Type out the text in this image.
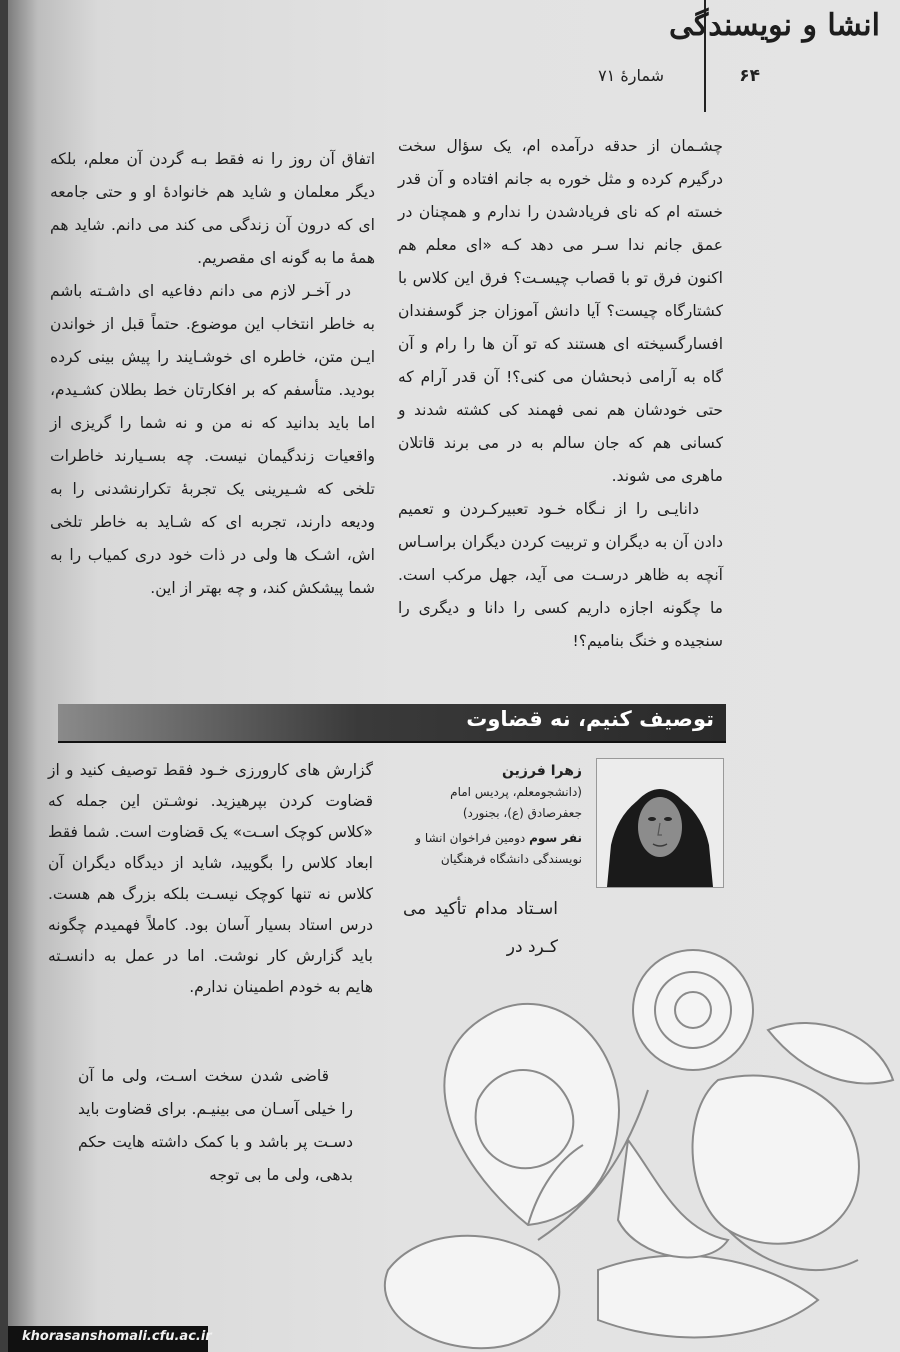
۶۴
انشا و نویسندگی
شمارهٔ ۷۱

چشـمان از حدقه درآمده ام، یک سؤال سخت درگیرم کرده و مثل خوره به جانم افتاده و آن قدر خسته ام که نای فریادشدن را ندارم و همچنان در عمق جانم ندا سـر می دهد کـه «ای معلم هم اکنون فرق تو با قصاب چیسـت؟ فرق این کلاس با کشتارگاه چیست؟ آیا دانش آموزان جز گوسفندان افسارگسیخته ای هستند که تو آن ها را رام و آن گاه به آرامی ذبحشان می کنی؟! آن قدر آرام که حتی خودشان هم نمی فهمند کی کشته شدند و کسانی هم که جان سالم به در می برند قاتلان ماهری می شوند.

دانایـی را از نـگاه خـود تعبیرکـردن و تعمیم دادن آن به دیگران و تربیت کردن دیگران براسـاس آنچه به ظاهر درسـت می آید، جهل مرکب است. ما چگونه اجازه داریم کسی را دانا و دیگری را سنجیده و خنگ بنامیم؟!

اتفاق آن روز را نه فقط بـه گردن آن معلم، بلکه دیگر معلمان و شاید هم خانوادهٔ او و حتی جامعه ای که درون آن زندگی می کند می دانم. شاید هم همهٔ ما به گونه ای مقصریم.

در آخـر لازم می دانم دفاعیه ای داشـته باشم به خاطر انتخاب این موضوع. حتماً قبل از خواندن ایـن متن، خاطره ای خوشـایند را پیش بینی کرده بودید. متأسفم که بر افکارتان خط بطلان کشـیدم، اما باید بدانید که نه من و نه شما را گریزی از واقعیات زندگیمان نیست. چه بسـیارند خاطرات تلخی که شـیرینی یک تجربهٔ تکرارنشدنی را به ودیعه دارند، تجربه ای که شـاید به خاطر تلخی اش، اشـک ها ولی در ذات خود دری کمیاب را به شما پیشکش کند، و چه بهتر از این.

توصیف کنیم، نه قضاوت
زهرا فرزین
(دانشجومعلم، پردیس امام جعفرصادق (ع)، بجنورد)
نفر سوم دومین فراخوان انشا و نویسندگی دانشگاه فرهنگیان

اسـتاد مدام تأکید می کـرد در

گزارش های کارورزی خـود فقط توصیف کنید و از قضاوت کردن بپرهیزید. نوشـتن این جمله که «کلاس کوچک اسـت» یک قضاوت است. شما فقط ابعاد کلاس را بگویید، شاید از دیدگاه دیگران آن کلاس نه تنها کوچک نیسـت بلکه بزرگ هم هست. درس استاد بسیار آسان بود. کاملاً فهمیدم چگونه باید گزارش کار نوشت. اما در عمل به دانسـته هایم به خودم اطمینان ندارم.

قاضی شدن سخت اسـت، ولی ما آن را خیلی آسـان می بینیـم. برای قضاوت باید دسـت پر باشد و با کمک داشته هایت حکم بدهی، ولی ما بی توجه

khorasanshomali.cfu.ac.ir
